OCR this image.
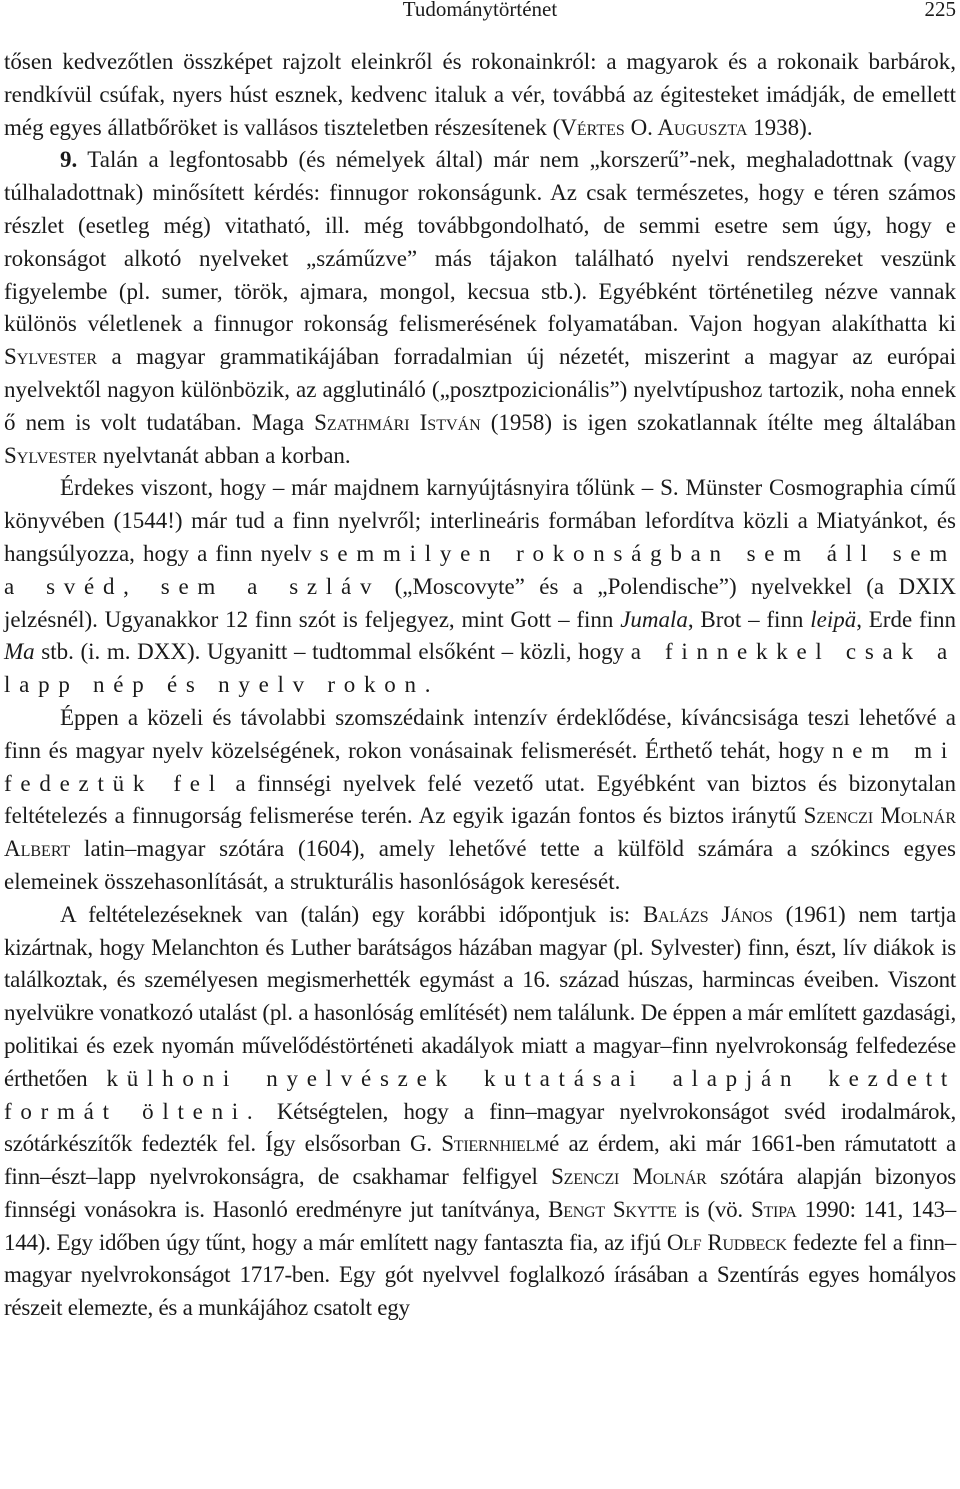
Tudománytörténet	225

tősen kedvezőtlen összképet rajzolt eleinkről és rokonainkról: a magyarok és a rokonaik barbárok, rendkívül csúfak, nyers húst esznek, kedvenc italuk a vér, továbbá az égitesteket imádják, de emellett még egyes állatbőröket is vallásos tiszteletben részesítenek (Vértes O. Auguszta 1938).

9. Talán a legfontosabb (és némelyek által) már nem „korszerű”-nek, meghaladottnak (vagy túlhaladottnak) minősített kérdés: finnugor rokonságunk. Az csak természetes, hogy e téren számos részlet (esetleg még) vitatható, ill. még továbbgondolható, de semmi esetre sem úgy, hogy e rokonságot alkotó nyelveket „száműzve” más tájakon található nyelvi rendszereket veszünk figyelembe (pl. sumer, török, ajmara, mongol, kecsua stb.). Egyébként történetileg nézve vannak különös véletlenek a finnugor rokonság felismerésének folyamatában. Vajon hogyan alakíthatta ki Sylvester a magyar grammatikájában forradalmian új nézetét, miszerint a magyar az európai nyelvektől nagyon különbözik, az agglutináló („posztpozicionális”) nyelvtípushoz tartozik, noha ennek ő nem is volt tudatában. Maga Szathmári István (1958) is igen szokatlannak ítélte meg általában Sylvester nyelvtanát abban a korban.

Érdekes viszont, hogy – már majdnem karnyújtásnyira tőlünk – S. Münster Cosmographia című könyvében (1544!) már tud a finn nyelvről; interlineáris formában lefordítva közli a Miatyánkot, és hangsúlyozza, hogy a finn nyelv semmilyen rokonságban sem áll sem a svéd, sem a szláv („Moscovyte” és a „Polendische”) nyelvekkel (a DXIX jelzésnél). Ugyanakkor 12 finn szót is feljegyez, mint Gott – finn Jumala, Brot – finn leipä, Erde finn Ma stb. (i. m. DXX). Ugyanitt – tudtommal elsőként – közli, hogy a finnekkel csak a lapp nép és nyelv rokon.

Éppen a közeli és távolabbi szomszédaink intenzív érdeklődése, kíváncsisága teszi lehetővé a finn és magyar nyelv közelségének, rokon vonásainak felismerését. Érthető tehát, hogy nem mi fedeztük fel a finnségi nyelvek felé vezető utat. Egyébként van biztos és bizonytalan feltételezés a finnugorság felismerése terén. Az egyik igazán fontos és biztos iránytű Szenczi Molnár Albert latin–magyar szótára (1604), amely lehetővé tette a külföld számára a szókincs egyes elemeinek összehasonlítását, a strukturális hasonlóságok keresését.

A feltételezéseknek van (talán) egy korábbi időpontjuk is: Balázs János (1961) nem tartja kizártnak, hogy Melanchton és Luther barátságos házában magyar (pl. Sylvester) finn, észt, lív diákok is találkoztak, és személyesen megismerhették egymást a 16. század húszas, harmincas éveiben. Viszont nyelvükre vonatkozó utalást (pl. a hasonlóság említését) nem találunk. De éppen a már említett gazdasági, politikai és ezek nyomán művelődéstörténeti akadályok miatt a magyar–finn nyelvrokonság felfedezése érthetően külhoni nyelvészek kutatásai alapján kezdett formát ölteni. Kétségtelen, hogy a finn–magyar nyelvrokonságot svéd irodalmárok, szótárkészítők fedezték fel. Így elsősorban G. Stiernhielmé az érdem, aki már 1661-ben rámutatott a finn–észt–lapp nyelvrokonságra, de csakhamar felfigyel Szenczi Molnár szótára alapján bizonyos finnségi vonásokra is. Hasonló eredményre jut tanítványa, Bengt Skytte is (vö. Stipa 1990: 141, 143–144). Egy időben úgy tűnt, hogy a már említett nagy fantaszta fia, az ifjú Olf Rudbeck fedezte fel a finn–magyar nyelvrokonságot 1717-ben. Egy gót nyelvvel foglalkozó írásában a Szentírás egyes homályos részeit elemezte, és a munkájához csatolt egy
